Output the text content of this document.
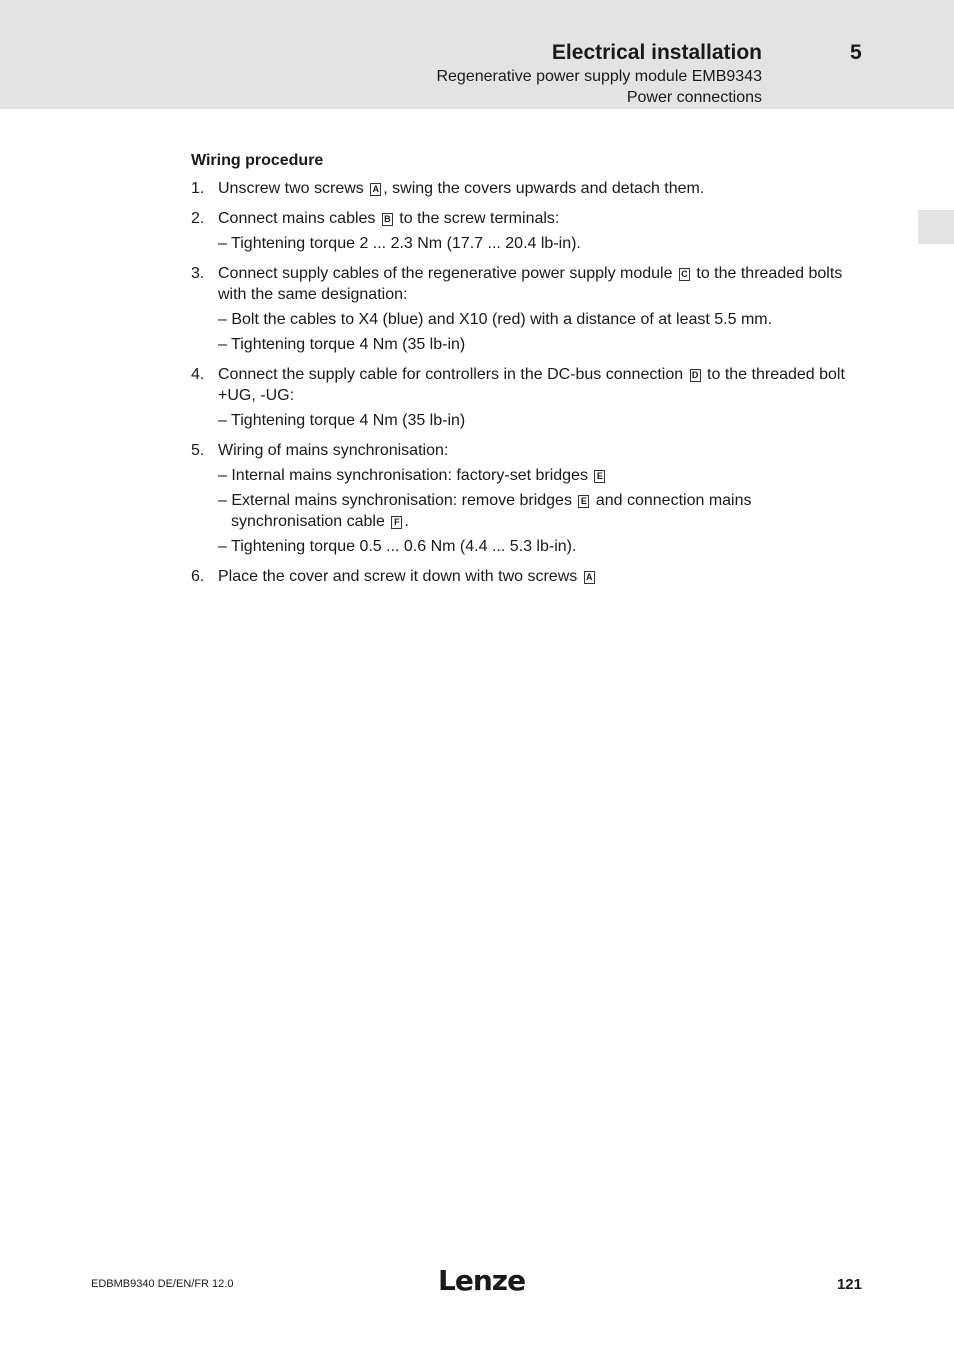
Electrical installation	5
Regenerative power supply module EMB9343
Power connections
Wiring procedure
1. Unscrew two screws A , swing the covers upwards and detach them.
2. Connect mains cables B to the screw terminals:
– Tightening torque 2 ... 2.3 Nm (17.7 ... 20.4 lb-in).
3. Connect supply cables of the regenerative power supply module C to the threaded bolts with the same designation:
– Bolt the cables to X4 (blue) and X10 (red) with a distance of at least 5.5 mm.
– Tightening torque 4 Nm (35 lb-in)
4. Connect the supply cable for controllers in the DC-bus connection D to the threaded bolt +UG, -UG:
– Tightening torque 4 Nm (35 lb-in)
5. Wiring of mains synchronisation:
– Internal mains synchronisation: factory-set bridges E
– External mains synchronisation: remove bridges E and connection mains synchronisation cable F .
– Tightening torque 0.5 ... 0.6 Nm (4.4 ... 5.3 lb-in).
6. Place the cover and screw it down with two screws A
EDBMB9340 DE/EN/FR 12.0	Lenze	121
